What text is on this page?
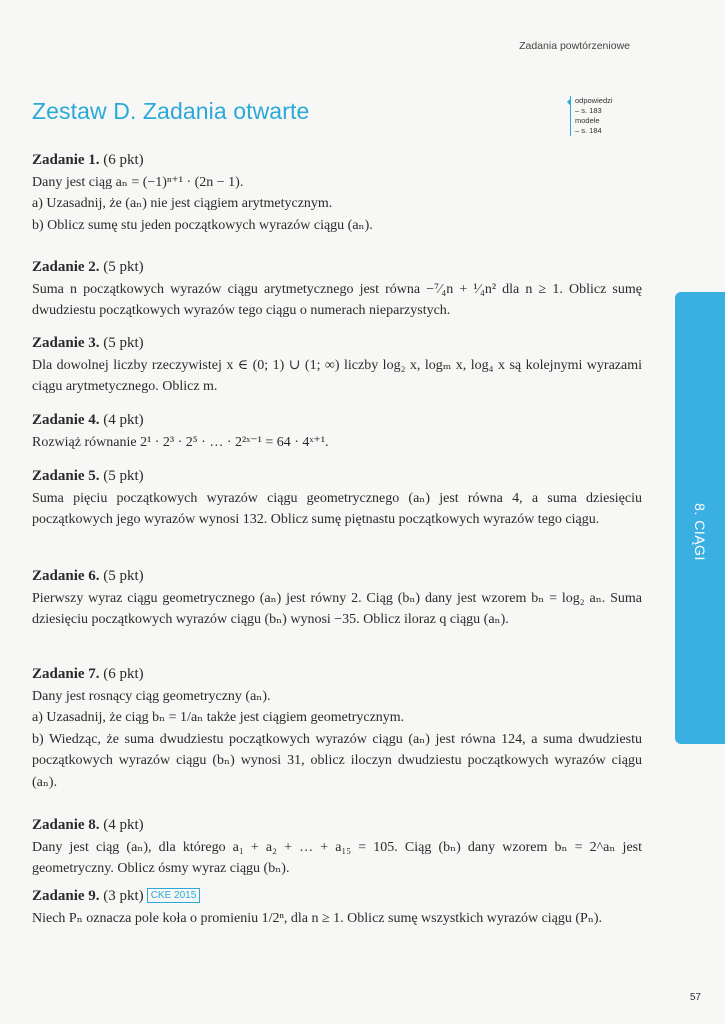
Zadania powtórzeniowe
Zestaw D. Zadania otwarte	odpowiedzi
– s. 183
modele
– s. 184
8. CIĄGI
Zadanie 1. (6 pkt)

Dany jest ciąg aₙ = (−1)ⁿ⁺¹ · (2n − 1).

a) Uzasadnij, że (aₙ) nie jest ciągiem arytmetycznym.

b) Oblicz sumę stu jeden początkowych wyrazów ciągu (aₙ).

Zadanie 2. (5 pkt)

Suma n początkowych wyrazów ciągu arytmetycznego jest równa −⁷⁄₄n + ¹⁄₄n² dla n ≥ 1. Oblicz sumę dwudziestu początkowych wyrazów tego ciągu o numerach nieparzystych.

Zadanie 3. (5 pkt)

Dla dowolnej liczby rzeczywistej x ∈ (0; 1) ∪ (1; ∞) liczby log₂ x, logₘ x, log₄ x są kolejnymi wyrazami ciągu arytmetycznego. Oblicz m.

Zadanie 4. (4 pkt)

Rozwiąż równanie 2¹ · 2³ · 2⁵ · … · 2²ˣ⁻¹ = 64 · 4ˣ⁺¹.

Zadanie 5. (5 pkt)

Suma pięciu początkowych wyrazów ciągu geometrycznego (aₙ) jest równa 4, a suma dziesięciu początkowych jego wyrazów wynosi 132. Oblicz sumę piętnastu początkowych wyrazów tego ciągu.

Zadanie 6. (5 pkt)

Pierwszy wyraz ciągu geometrycznego (aₙ) jest równy 2. Ciąg (bₙ) dany jest wzorem bₙ = log₂ aₙ. Suma dziesięciu początkowych wyrazów ciągu (bₙ) wynosi −35. Oblicz iloraz q ciągu (aₙ).

Zadanie 7. (6 pkt)

Dany jest rosnący ciąg geometryczny (aₙ).

a) Uzasadnij, że ciąg bₙ = 1/aₙ także jest ciągiem geometrycznym.

b) Wiedząc, że suma dwudziestu początkowych wyrazów ciągu (aₙ) jest równa 124, a suma dwudziestu początkowych wyrazów ciągu (bₙ) wynosi 31, oblicz iloczyn dwudziestu początkowych wyrazów ciągu (aₙ).

Zadanie 8. (4 pkt)

Dany jest ciąg (aₙ), dla którego a₁ + a₂ + … + a₁₅ = 105. Ciąg (bₙ) dany wzorem bₙ = 2^aₙ jest geometryczny. Oblicz ósmy wyraz ciągu (bₙ).

Zadanie 9. (3 pkt) CKE 2015

Niech Pₙ oznacza pole koła o promieniu 1/2ⁿ, dla n ≥ 1. Oblicz sumę wszystkich wyrazów ciągu (Pₙ).

57
